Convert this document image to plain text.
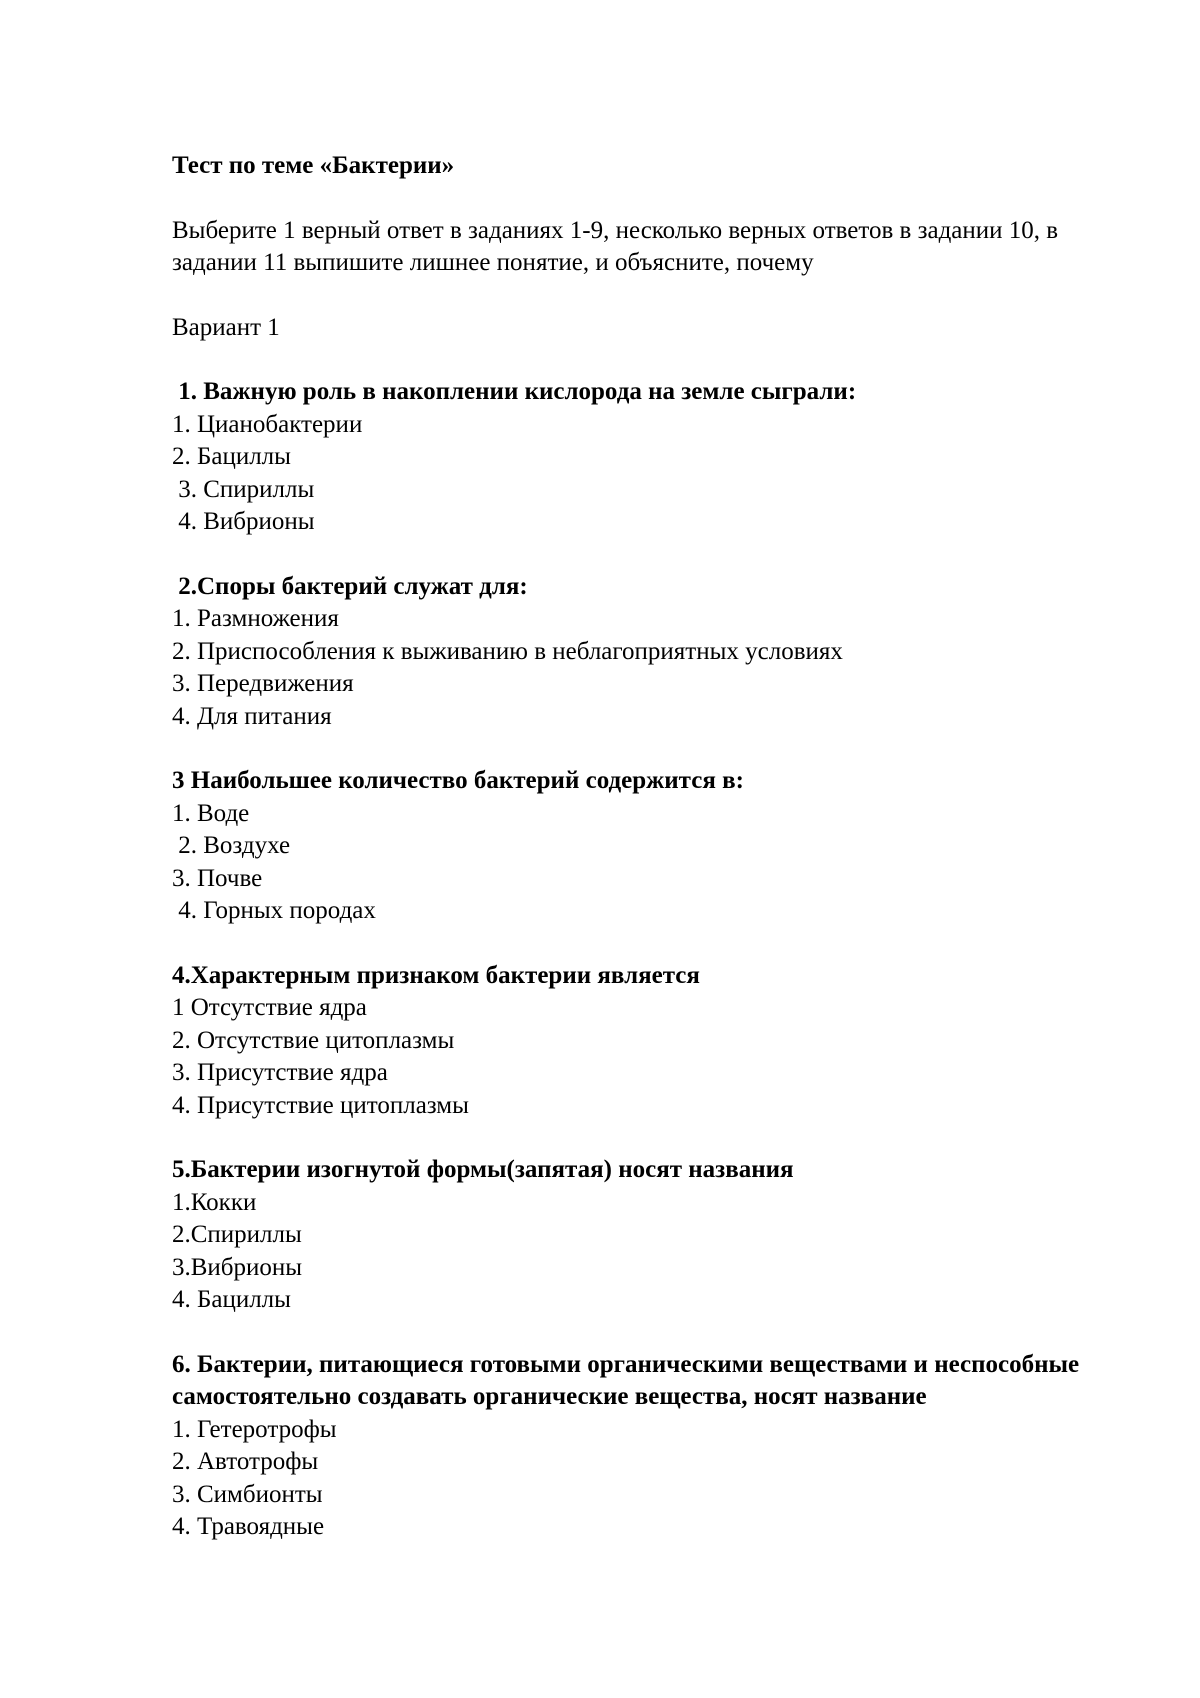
Тест по теме «Бактерии»
Выберите 1 верный ответ в заданиях 1-9, несколько верных ответов в задании 10, в задании 11 выпишите лишнее понятие, и объясните, почему
Вариант 1
1. Важную роль в накоплении кислорода на земле сыграли:
1. Цианобактерии
2. Бациллы
3. Спириллы
4. Вибрионы
2.Споры бактерий служат для:
1. Размножения
2. Приспособления к выживанию в неблагоприятных условиях
3. Передвижения
4. Для питания
3 Наибольшее количество бактерий содержится в:
1. Воде
2. Воздухе
3. Почве
4. Горных породах
4.Характерным признаком бактерии является
1 Отсутствие ядра
2. Отсутствие цитоплазмы
3. Присутствие ядра
4. Присутствие цитоплазмы
5.Бактерии изогнутой формы(запятая) носят названия
1.Кокки
2.Спириллы
3.Вибрионы
4. Бациллы
6. Бактерии, питающиеся готовыми органическими веществами и неспособные самостоятельно создавать органические вещества, носят название
1. Гетеротрофы
2. Автотрофы
3. Симбионты
4. Травоядные
